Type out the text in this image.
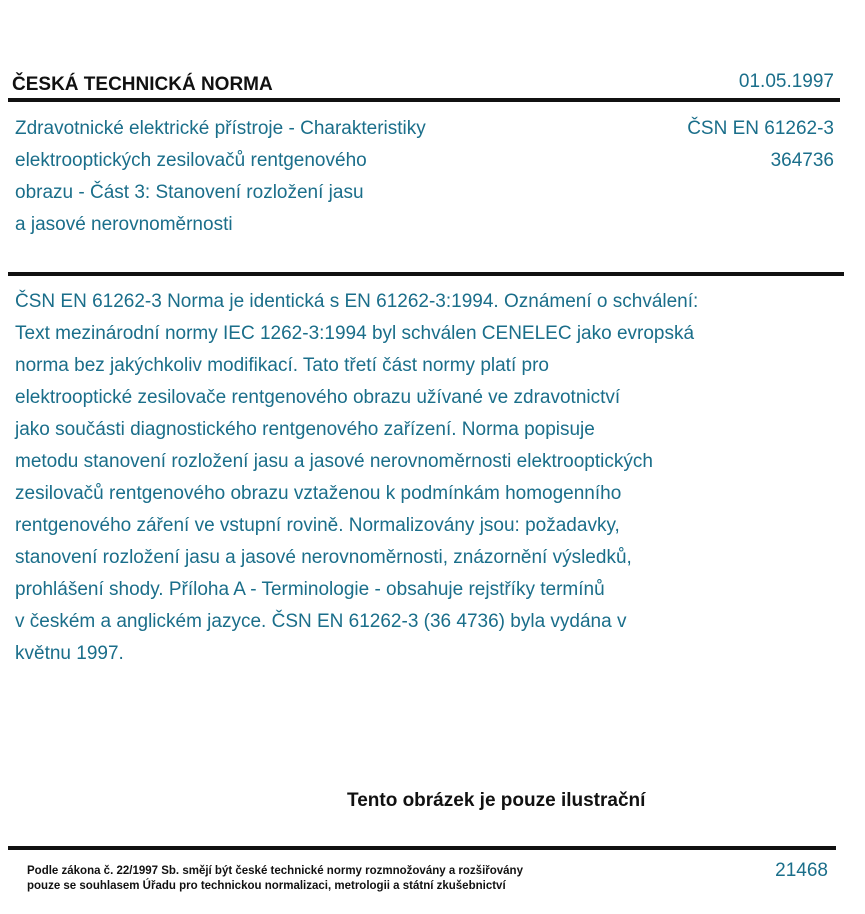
ČESKÁ TECHNICKÁ NORMA	01.05.1997
Zdravotnické elektrické přístroje - Charakteristiky
elektrooptických zesilovačů rentgenového
obrazu - Část 3: Stanovení rozložení jasu
a jasové nerovnoměrnosti
ČSN EN 61262-3
364736
ČSN EN 61262-3 Norma je identická s EN 61262-3:1994. Oznámení o schválení:
Text mezinárodní normy IEC 1262-3:1994 byl schválen CENELEC jako evropská
norma bez jakýchkoliv modifikací. Tato třetí část normy platí pro
elektrooptické zesilovače rentgenového obrazu užívané ve zdravotnictví
jako součásti diagnostického rentgenového zařízení. Norma popisuje
metodu stanovení rozložení jasu a jasové nerovnoměrnosti elektrooptických
zesilovačů rentgenového obrazu vztaženou k podmínkám homogenního
rentgenového záření ve vstupní rovině. Normalizovány jsou: požadavky,
stanovení rozložení jasu a jasové nerovnoměrnosti, znázornění výsledků,
prohlášení shody. Příloha A - Terminologie - obsahuje rejstříky termínů
v českém a anglickém jazyce. ČSN EN 61262-3 (36 4736) byla vydána v
květnu 1997.
Tento obrázek je pouze ilustrační
Podle zákona č. 22/1997 Sb. smějí být české technické normy rozmnožovány a rozšiřovány
pouze se souhlasem Úřadu pro technickou normalizaci, metrologii a státní zkušebnictví
21468
